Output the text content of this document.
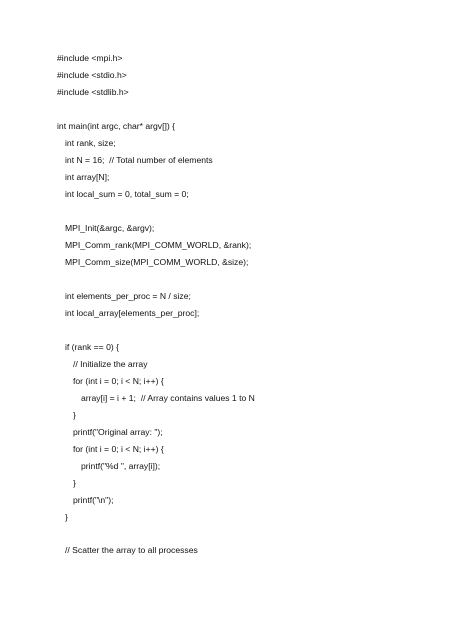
#include <mpi.h>
#include <stdio.h>
#include <stdlib.h>
int main(int argc, char* argv[]) {
int rank, size;
int N = 16;  // Total number of elements
int array[N];
int local_sum = 0, total_sum = 0;
MPI_Init(&argc, &argv);
MPI_Comm_rank(MPI_COMM_WORLD, &rank);
MPI_Comm_size(MPI_COMM_WORLD, &size);
int elements_per_proc = N / size;
int local_array[elements_per_proc];
if (rank == 0) {
// Initialize the array
for (int i = 0; i < N; i++) {
array[i] = i + 1;  // Array contains values 1 to N
}
printf("Original array: ");
for (int i = 0; i < N; i++) {
printf("%d ", array[i]);
}
printf("\n");
}
// Scatter the array to all processes
